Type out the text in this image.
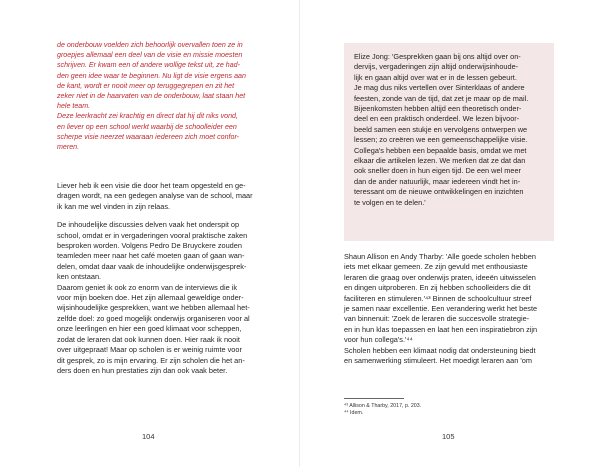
de onderbouw voelden zich behoorlijk overvallen toen ze in

groepjes allemaal een deel van de visie en missie moesten

schrijven. Er kwam een of andere wollige tekst uit, ze had-

den geen idee waar te beginnen. Nu ligt de visie ergens aan

de kant, wordt er nooit meer op teruggegrepen en zit het

zeker niet in de haarvaten van de onderbouw, laat staan het

hele team.

Deze leerkracht zei krachtig en direct dat hij dit niks vond,

en liever op een school werkt waarbij de schoolleider een

scherpe visie neerzet waaraan iedereen zich moet confor-

meren.

Liever heb ik een visie die door het team opgesteld en ge-

dragen wordt, na een gedegen analyse van de school, maar

ik kan me wel vinden in zijn relaas.

De inhoudelijke discussies delven vaak het onderspit op

school, omdat er in vergaderingen vooral praktische zaken

besproken worden. Volgens Pedro De Bruyckere zouden

teamleden meer naar het café moeten gaan of gaan wan-

delen, omdat daar vaak de inhoudelijke onderwijsgesprek-

ken ontstaan.

Daarom geniet ik ook zo enorm van de interviews die ik

voor mijn boeken doe. Het zijn allemaal geweldige onder-

wijsinhoudelijke gesprekken, want we hebben allemaal het-

zelfde doel: zo goed mogelijk onderwijs organiseren voor al

onze leerlingen en hier een goed klimaat voor scheppen,

zodat de leraren dat ook kunnen doen. Hier raak ik nooit

over uitgepraat! Maar op scholen is er weinig ruimte voor

dit gesprek, zo is mijn ervaring. Er zijn scholen die het an-

ders doen en hun prestaties zijn dan ook vaak beter.

104	105

Elize Jong: 'Gesprekken gaan bij ons altijd over on-

dervijs, vergaderingen zijn altijd onderwijsinhoude-

lijk en gaan altijd over wat er in de lessen gebeurt.

Je mag dus niks vertellen over Sinterklaas of andere

feesten, zonde van de tijd, dat zet je maar op de mail.

Bijeenkomsten hebben altijd een theoretisch onder-

deel en een praktisch onderdeel. We lezen bijvoor-

beeld samen een stukje en vervolgens ontwerpen we

lessen; zo creëren we een gemeenschappelijke visie.

Collega's hebben een bepaalde basis, omdat we met

elkaar die artikelen lezen. We merken dat ze dat dan

ook sneller doen in hun eigen tijd. De een wel meer

dan de ander natuurlijk, maar iedereen vindt het in-

teressant om de nieuwe ontwikkelingen en inzichten

te volgen en te delen.'

Shaun Allison en Andy Tharby: 'Alle goede scholen hebben

iets met elkaar gemeen. Ze zijn gevuld met enthousiaste

leraren die graag over onderwijs praten, ideeën uitwisselen

en dingen uitproberen. En zij hebben schoolleiders die dit

faciliteren en stimuleren.'⁴³ Binnen de schoolcultuur streef

je samen naar excellentie. Een verandering werkt het beste

van binnenuit: 'Zoek de leraren die succesvolle strategie-

en in hun klas toepassen en laat hen een inspiratiebron zijn

voor hun collega's.'⁴⁴

Scholen hebben een klimaat nodig dat ondersteuning biedt

en samenwerking stimuleert. Het moedigt leraren aan 'om

⁴³ Allison & Tharby, 2017, p. 203.
⁴⁴ Idem.
